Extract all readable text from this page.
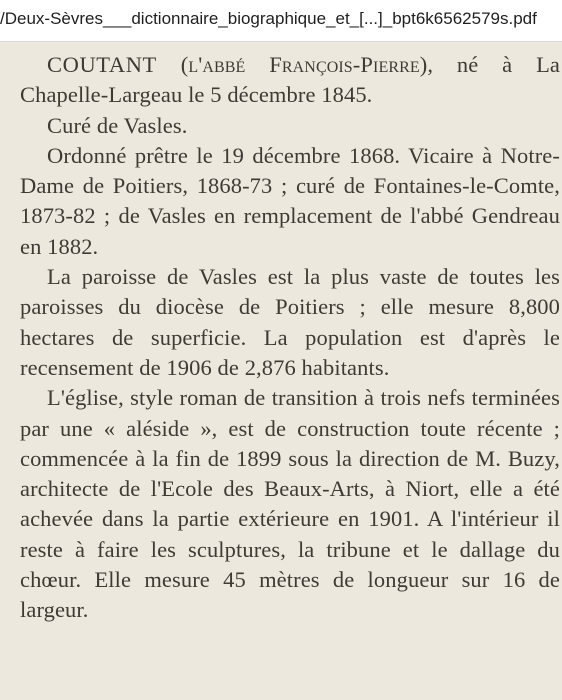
/Deux-Sèvres___dictionnaire_biographique_et_[...]_bpt6k6562579s.pdf

COUTANT (l'abbé François-Pierre), né à La Chapelle-Largeau le 5 décembre 1845.

Curé de Vasles.

Ordonné prêtre le 19 décembre 1868. Vicaire à Notre-Dame de Poitiers, 1868-73 ; curé de Fontaines-le-Comte, 1873-82 ; de Vasles en remplacement de l'abbé Gendreau en 1882.

La paroisse de Vasles est la plus vaste de toutes les paroisses du diocèse de Poitiers ; elle mesure 8,800 hectares de superficie. La population est d'après le recensement de 1906 de 2,876 habitants.

L'église, style roman de transition à trois nefs terminées par une « aléside », est de construction toute récente ; commencée à la fin de 1899 sous la direction de M. Buzy, architecte de l'Ecole des Beaux-Arts, à Niort, elle a été achevée dans la partie extérieure en 1901. A l'intérieur il reste à faire les sculptures, la tribune et le dallage du chœur. Elle mesure 45 mètres de longueur sur 16 de largeur.
